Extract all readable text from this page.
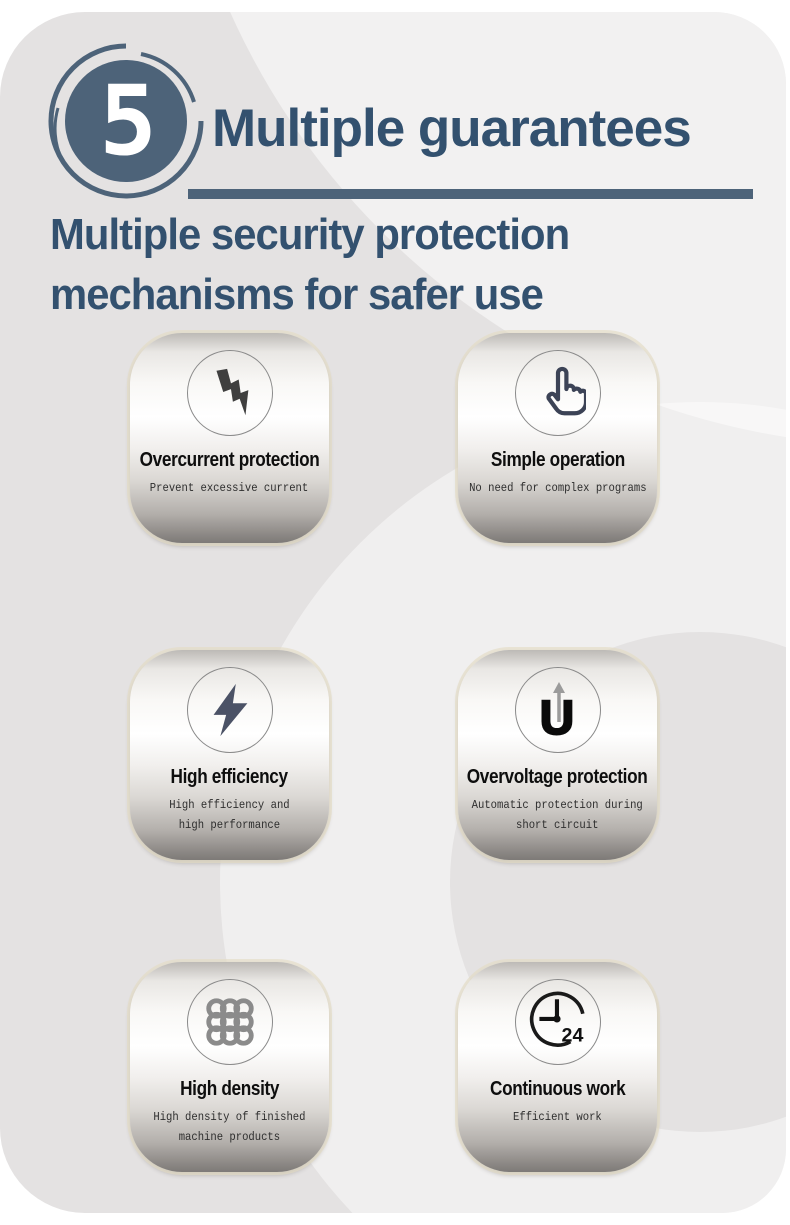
5 Multiple guarantees
Multiple security protection
mechanisms for safer use
Overcurrent protection
Prevent excessive current
Simple operation
No need for complex programs
High efficiency
High efficiency and
high performance
U
Overvoltage protection
Automatic protection during
short circuit
High density
High density of finished
machine products
24
Continuous work
Efficient work
